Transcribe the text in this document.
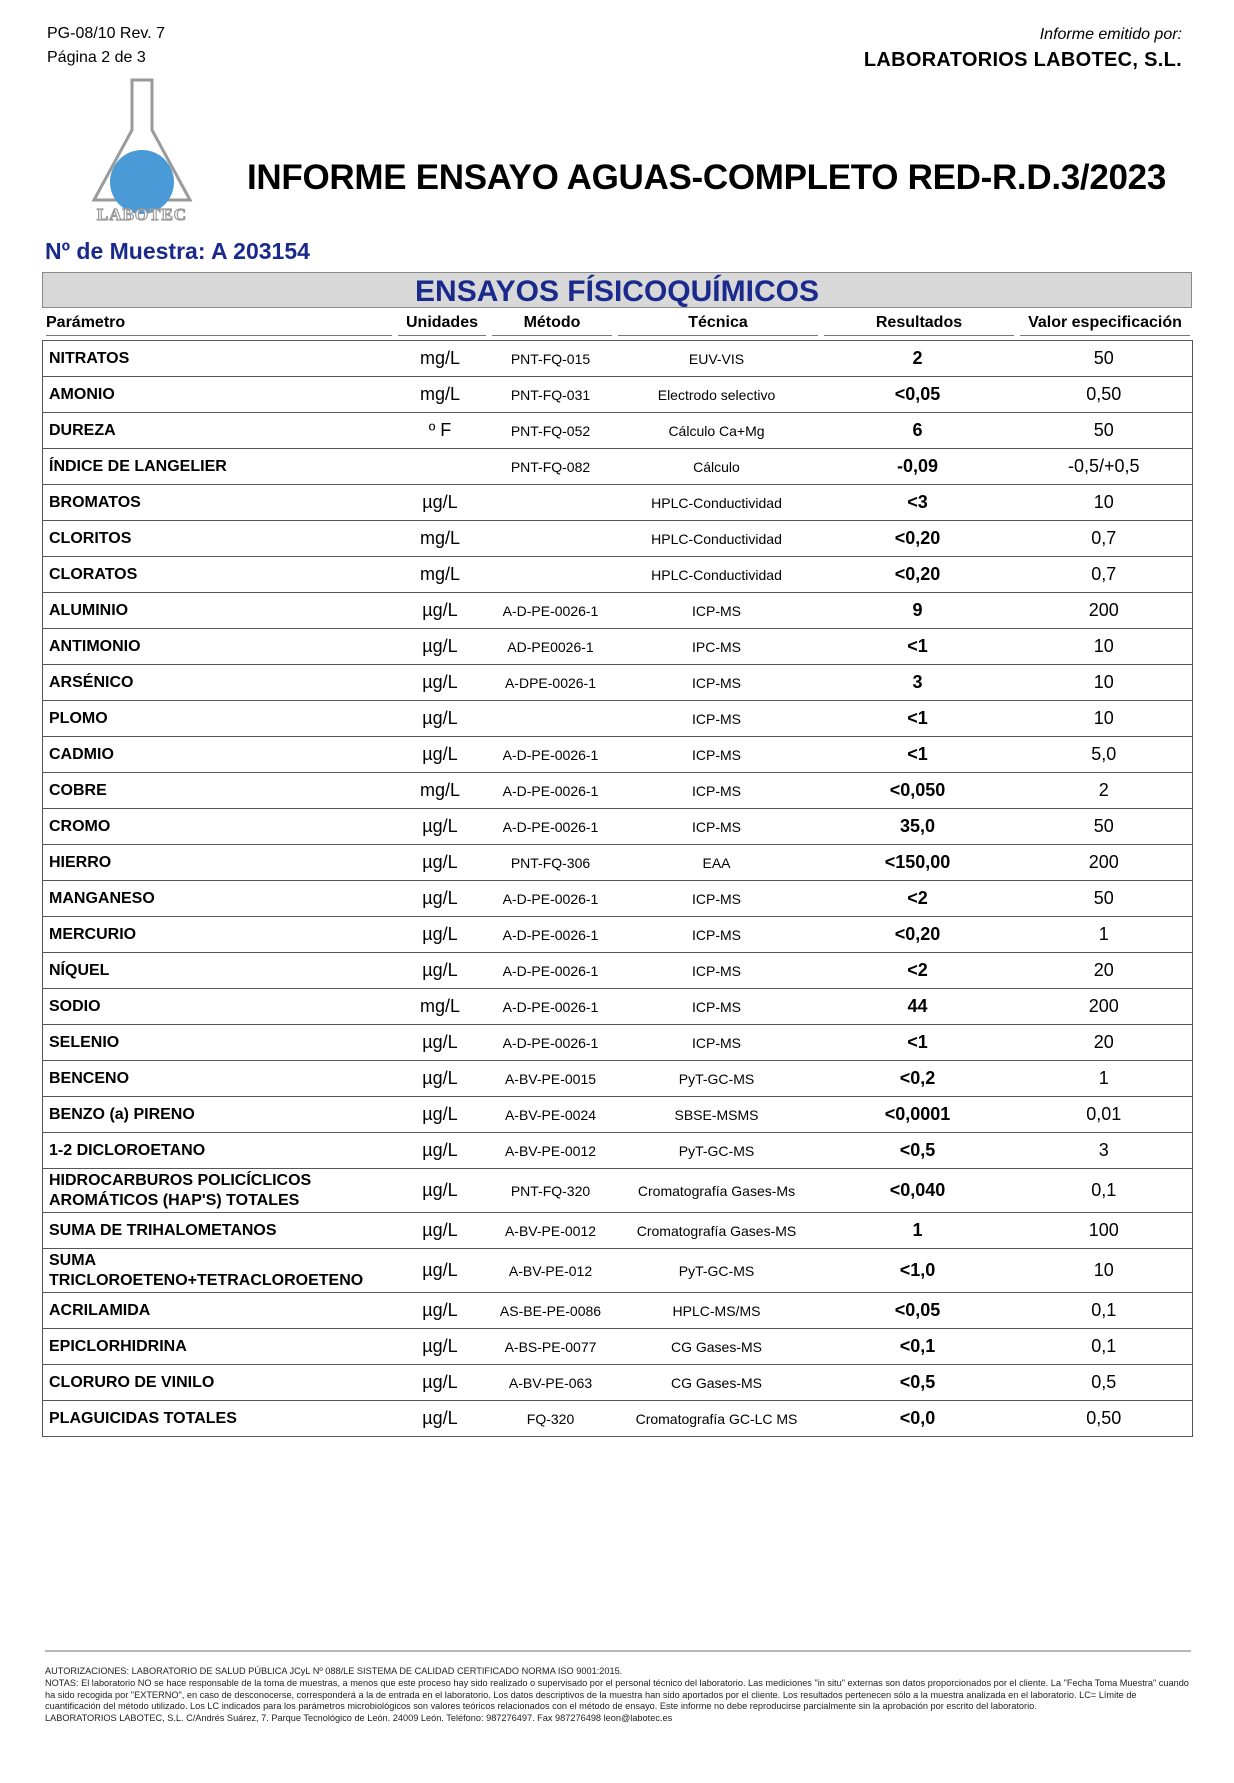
PG-08/10 Rev. 7
Página 2 de 3
Informe emitido por:
LABORATORIOS LABOTEC, S.L.
LABOTEC
INFORME ENSAYO AGUAS-COMPLETO RED-R.D.3/2023
Nº de Muestra: A 203154
ENSAYOS FÍSICOQUÍMICOS
Parámetro	Unidades	Método	Técnica	Resultados	Valor especificación
NITRATOS	mg/L	PNT-FQ-015	EUV-VIS	2	50
AMONIO	mg/L	PNT-FQ-031	Electrodo selectivo	<0,05	0,50
DUREZA	º F	PNT-FQ-052	Cálculo Ca+Mg	6	50
ÍNDICE DE LANGELIER		PNT-FQ-082	Cálculo	-0,09	-0,5/+0,5
BROMATOS	µg/L		HPLC-Conductividad	<3	10
CLORITOS	mg/L		HPLC-Conductividad	<0,20	0,7
CLORATOS	mg/L		HPLC-Conductividad	<0,20	0,7
ALUMINIO	µg/L	A-D-PE-0026-1	ICP-MS	9	200
ANTIMONIO	µg/L	AD-PE0026-1	IPC-MS	<1	10
ARSÉNICO	µg/L	A-DPE-0026-1	ICP-MS	3	10
PLOMO	µg/L		ICP-MS	<1	10
CADMIO	µg/L	A-D-PE-0026-1	ICP-MS	<1	5,0
COBRE	mg/L	A-D-PE-0026-1	ICP-MS	<0,050	2
CROMO	µg/L	A-D-PE-0026-1	ICP-MS	35,0	50
HIERRO	µg/L	PNT-FQ-306	EAA	<150,00	200
MANGANESO	µg/L	A-D-PE-0026-1	ICP-MS	<2	50
MERCURIO	µg/L	A-D-PE-0026-1	ICP-MS	<0,20	1
NÍQUEL	µg/L	A-D-PE-0026-1	ICP-MS	<2	20
SODIO	mg/L	A-D-PE-0026-1	ICP-MS	44	200
SELENIO	µg/L	A-D-PE-0026-1	ICP-MS	<1	20
BENCENO	µg/L	A-BV-PE-0015	PyT-GC-MS	<0,2	1
BENZO (a) PIRENO	µg/L	A-BV-PE-0024	SBSE-MSMS	<0,0001	0,01
1-2 DICLOROETANO	µg/L	A-BV-PE-0012	PyT-GC-MS	<0,5	3

HIDROCARBUROS POLICÍCLICOS
AROMÁTICOS (HAP'S) TOTALES	µg/L	PNT-FQ-320	Cromatografía Gases-Ms	<0,040	0,1
SUMA DE TRIHALOMETANOS	µg/L	A-BV-PE-0012	Cromatografía Gases-MS	1	100

SUMA
TRICLOROETENO+TETRACLOROETENO	µg/L	A-BV-PE-012	PyT-GC-MS	<1,0	10
ACRILAMIDA	µg/L	AS-BE-PE-0086	HPLC-MS/MS	<0,05	0,1
EPICLORHIDRINA	µg/L	A-BS-PE-0077	CG Gases-MS	<0,1	0,1
CLORURO DE VINILO	µg/L	A-BV-PE-063	CG Gases-MS	<0,5	0,5
PLAGUICIDAS TOTALES	µg/L	FQ-320	Cromatografía GC-LC MS	<0,0	0,50
AUTORIZACIONES: LABORATORIO DE SALUD PÚBLICA JCyL Nº 088/LE SISTEMA DE CALIDAD CERTIFICADO NORMA ISO 9001:2015.
NOTAS: El laboratorio NO se hace responsable de la toma de muestras, a menos que este proceso hay sido realizado o supervisado por el personal técnico del laboratorio. Las mediciones "in situ" externas son datos proporcionados por el cliente. La "Fecha Toma Muestra" cuando ha sido recogida por "EXTERNO", en caso de desconocerse, corresponderá a la de entrada en el laboratorio. Los datos descriptivos de la muestra han sido aportados por el cliente. Los resultados pertenecen sólo a la muestra analizada en el laboratorio. LC= Límite de cuantificación del método utilizado. Los LC indicados para los parámetros microbiológicos son valores teóricos relacionados con el método de ensayo. Este informe no debe reproducirse parcialmente sin la aprobación por escrito del laboratorio.
LABORATORIOS LABOTEC, S.L. C/Andrés Suárez, 7. Parque Tecnológico de León. 24009 León. Teléfono: 987276497. Fax 987276498 leon@labotec.es
